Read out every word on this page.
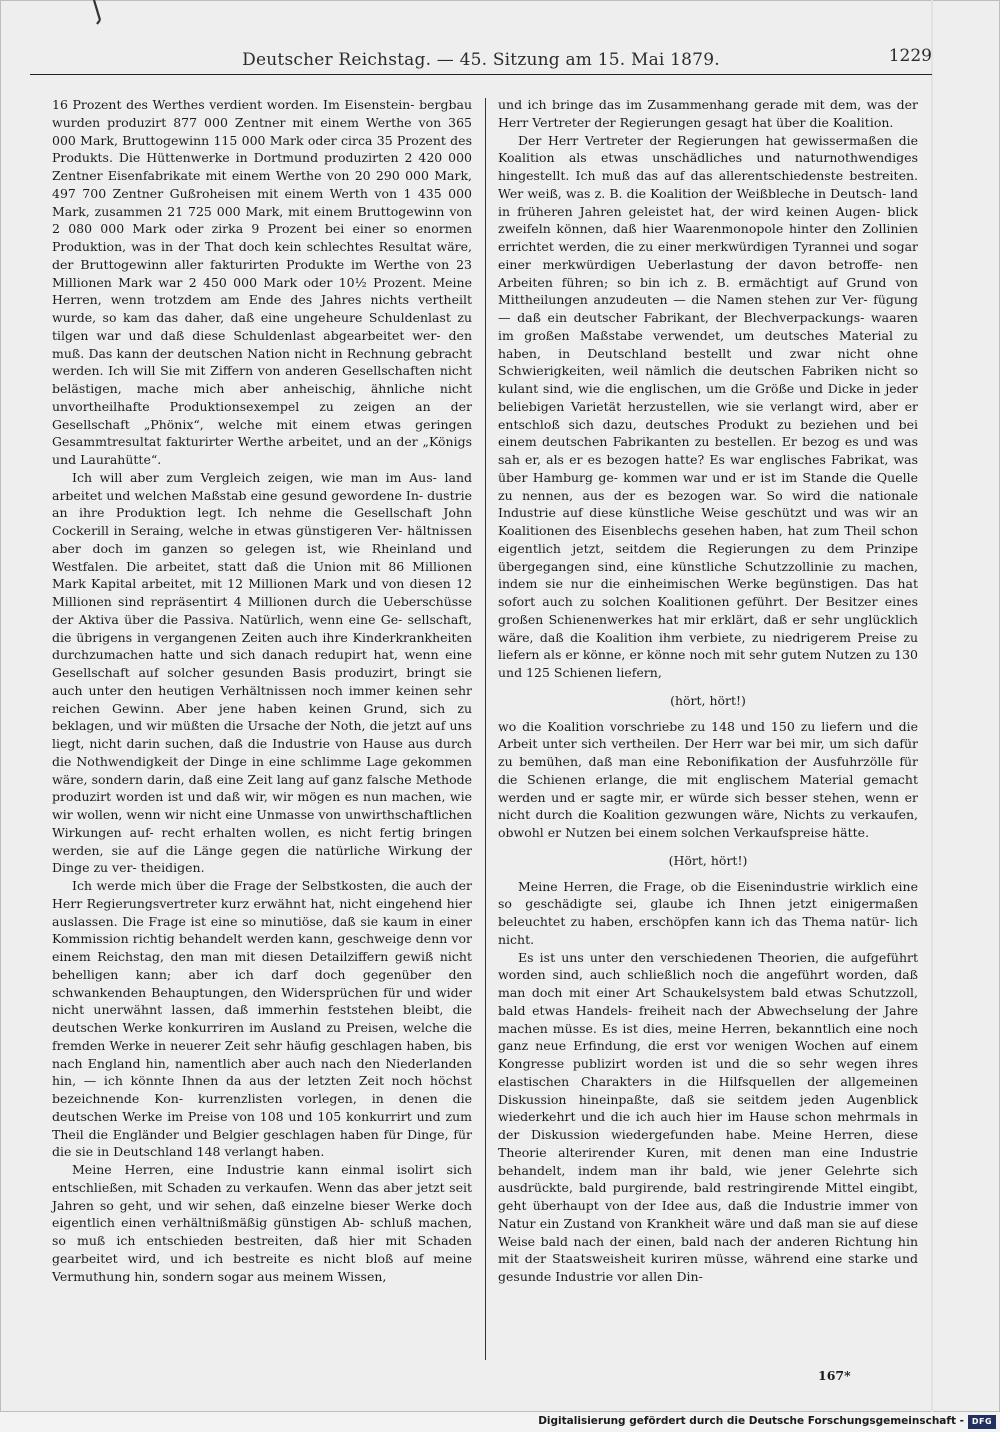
Deutscher Reichstag. — 45. Sitzung am 15. Mai 1879.	1229

16 Prozent des Werthes verdient worden. Im Eisenstein- bergbau wurden produzirt 877 000 Zentner mit einem Werthe von 365 000 Mark, Bruttogewinn 115 000 Mark oder circa 35 Prozent des Produkts. Die Hüttenwerke in Dortmund produzirten 2 420 000 Zentner Eisenfabrikate mit einem Werthe von 20 290 000 Mark, 497 700 Zentner Gußroheisen mit einem Werth von 1 435 000 Mark, zusammen 21 725 000 Mark, mit einem Bruttogewinn von 2 080 000 Mark oder zirka 9 Prozent bei einer so enormen Produktion, was in der That doch kein schlechtes Resultat wäre, der Bruttogewinn aller fakturirten Produkte im Werthe von 23 Millionen Mark war 2 450 000 Mark oder 10½ Prozent. Meine Herren, wenn trotzdem am Ende des Jahres nichts vertheilt wurde, so kam das daher, daß eine ungeheure Schuldenlast zu tilgen war und daß diese Schuldenlast abgearbeitet wer- den muß. Das kann der deutschen Nation nicht in Rechnung gebracht werden. Ich will Sie mit Ziffern von anderen Gesellschaften nicht belästigen, mache mich aber anheischig, ähnliche nicht unvortheilhafte Produktionsexempel zu zeigen an der Gesellschaft „Phönix“, welche mit einem etwas geringen Gesammtresultat fakturirter Werthe arbeitet, und an der „Königs und Laurahütte“.

Ich will aber zum Vergleich zeigen, wie man im Aus- land arbeitet und welchen Maßstab eine gesund gewordene In- dustrie an ihre Produktion legt. Ich nehme die Gesellschaft John Cockerill in Seraing, welche in etwas günstigeren Ver- hältnissen aber doch im ganzen so gelegen ist, wie Rheinland und Westfalen. Die arbeitet, statt daß die Union mit 86 Millionen Mark Kapital arbeitet, mit 12 Millionen Mark und von diesen 12 Millionen sind repräsentirt 4 Millionen durch die Ueberschüsse der Aktiva über die Passiva. Natürlich, wenn eine Ge- sellschaft, die übrigens in vergangenen Zeiten auch ihre Kinderkrankheiten durchzumachen hatte und sich danach redupirt hat, wenn eine Gesellschaft auf solcher gesunden Basis produzirt, bringt sie auch unter den heutigen Verhältnissen noch immer keinen sehr reichen Gewinn. Aber jene haben keinen Grund, sich zu beklagen, und wir müßten die Ursache der Noth, die jetzt auf uns liegt, nicht darin suchen, daß die Industrie von Hause aus durch die Nothwendigkeit der Dinge in eine schlimme Lage gekommen wäre, sondern darin, daß eine Zeit lang auf ganz falsche Methode produzirt worden ist und daß wir, wir mögen es nun machen, wie wir wollen, wenn wir nicht eine Unmasse von unwirthschaftlichen Wirkungen auf- recht erhalten wollen, es nicht fertig bringen werden, sie auf die Länge gegen die natürliche Wirkung der Dinge zu ver- theidigen.

Ich werde mich über die Frage der Selbstkosten, die auch der Herr Regierungsvertreter kurz erwähnt hat, nicht eingehend hier auslassen. Die Frage ist eine so minutiöse, daß sie kaum in einer Kommission richtig behandelt werden kann, geschweige denn vor einem Reichstag, den man mit diesen Detailziffern gewiß nicht behelligen kann; aber ich darf doch gegenüber den schwankenden Behauptungen, den Widersprüchen für und wider nicht unerwähnt lassen, daß immerhin feststehen bleibt, die deutschen Werke konkurriren im Ausland zu Preisen, welche die fremden Werke in neuerer Zeit sehr häufig geschlagen haben, bis nach England hin, namentlich aber auch nach den Niederlanden hin, — ich könnte Ihnen da aus der letzten Zeit noch höchst bezeichnende Kon- kurrenzlisten vorlegen, in denen die deutschen Werke im Preise von 108 und 105 konkurrirt und zum Theil die Engländer und Belgier geschlagen haben für Dinge, für die sie in Deutschland 148 verlangt haben.

Meine Herren, eine Industrie kann einmal isolirt sich entschließen, mit Schaden zu verkaufen. Wenn das aber jetzt seit Jahren so geht, und wir sehen, daß einzelne bieser Werke doch eigentlich einen verhältnißmäßig günstigen Ab- schluß machen, so muß ich entschieden bestreiten, daß hier mit Schaden gearbeitet wird, und ich bestreite es nicht bloß auf meine Vermuthung hin, sondern sogar aus meinem Wissen,

und ich bringe das im Zusammenhang gerade mit dem, was der Herr Vertreter der Regierungen gesagt hat über die Koalition.

Der Herr Vertreter der Regierungen hat gewissermaßen die Koalition als etwas unschädliches und naturnothwendiges hingestellt. Ich muß das auf das allerentschiedenste bestreiten. Wer weiß, was z. B. die Koalition der Weißbleche in Deutsch- land in früheren Jahren geleistet hat, der wird keinen Augen- blick zweifeln können, daß hier Waarenmonopole hinter den Zollinien errichtet werden, die zu einer merkwürdigen Tyrannei und sogar einer merkwürdigen Ueberlastung der davon betroffe- nen Arbeiten führen; so bin ich z. B. ermächtigt auf Grund von Mittheilungen anzudeuten — die Namen stehen zur Ver- fügung — daß ein deutscher Fabrikant, der Blechverpackungs- waaren im großen Maßstabe verwendet, um deutsches Material zu haben, in Deutschland bestellt und zwar nicht ohne Schwierigkeiten, weil nämlich die deutschen Fabriken nicht so kulant sind, wie die englischen, um die Größe und Dicke in jeder beliebigen Varietät herzustellen, wie sie verlangt wird, aber er entschloß sich dazu, deutsches Produkt zu beziehen und bei einem deutschen Fabrikanten zu bestellen. Er bezog es und was sah er, als er es bezogen hatte? Es war englisches Fabrikat, was über Hamburg ge- kommen war und er ist im Stande die Quelle zu nennen, aus der es bezogen war. So wird die nationale Industrie auf diese künstliche Weise geschützt und was wir an Koalitionen des Eisenblechs gesehen haben, hat zum Theil schon eigentlich jetzt, seitdem die Regierungen zu dem Prinzipe übergegangen sind, eine künstliche Schutzzollinie zu machen, indem sie nur die einheimischen Werke begünstigen. Das hat sofort auch zu solchen Koalitionen geführt. Der Besitzer eines großen Schienenwerkes hat mir erklärt, daß er sehr unglücklich wäre, daß die Koalition ihm verbiete, zu niedrigerem Preise zu liefern als er könne, er könne noch mit sehr gutem Nutzen zu 130 und 125 Schienen liefern,

(hört, hört!)

wo die Koalition vorschriebe zu 148 und 150 zu liefern und die Arbeit unter sich vertheilen. Der Herr war bei mir, um sich dafür zu bemühen, daß man eine Rebonifikation der Ausfuhrzölle für die Schienen erlange, die mit englischem Material gemacht werden und er sagte mir, er würde sich besser stehen, wenn er nicht durch die Koalition gezwungen wäre, Nichts zu verkaufen, obwohl er Nutzen bei einem solchen Verkaufspreise hätte.

(Hört, hört!)

Meine Herren, die Frage, ob die Eisenindustrie wirklich eine so geschädigte sei, glaube ich Ihnen jetzt einigermaßen beleuchtet zu haben, erschöpfen kann ich das Thema natür- lich nicht.

Es ist uns unter den verschiedenen Theorien, die aufgeführt worden sind, auch schließlich noch die angeführt worden, daß man doch mit einer Art Schaukelsystem bald etwas Schutzzoll, bald etwas Handels- freiheit nach der Abwechselung der Jahre machen müsse. Es ist dies, meine Herren, bekanntlich eine noch ganz neue Erfindung, die erst vor wenigen Wochen auf einem Kongresse publizirt worden ist und die so sehr wegen ihres elastischen Charakters in die Hilfsquellen der allgemeinen Diskussion hineinpaßte, daß sie seitdem jeden Augenblick wiederkehrt und die ich auch hier im Hause schon mehrmals in der Diskussion wiedergefunden habe. Meine Herren, diese Theorie alterirender Kuren, mit denen man eine Industrie behandelt, indem man ihr bald, wie jener Gelehrte sich ausdrückte, bald purgirende, bald restringirende Mittel eingibt, geht überhaupt von der Idee aus, daß die Industrie immer von Natur ein Zustand von Krankheit wäre und daß man sie auf diese Weise bald nach der einen, bald nach der anderen Richtung hin mit der Staatsweisheit kuriren müsse, während eine starke und gesunde Industrie vor allen Din-

167*
Digitalisierung gefördert durch die Deutsche Forschungsgemeinschaft - DFG
